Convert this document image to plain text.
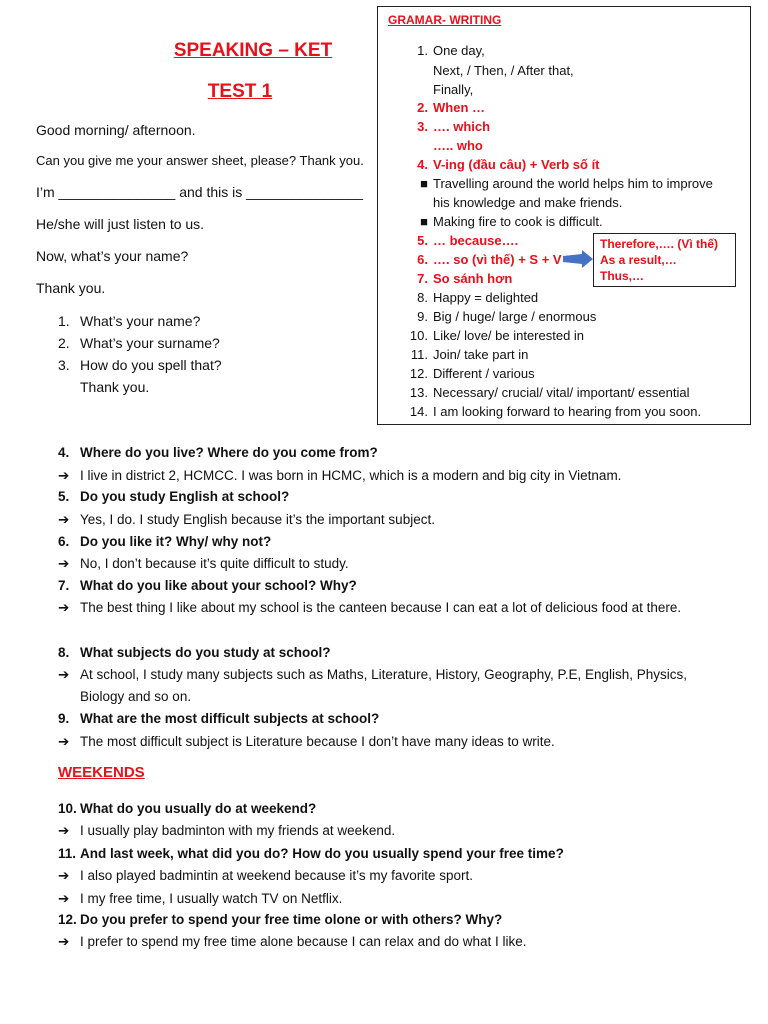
SPEAKING – KET
TEST 1
Good morning/ afternoon.
Can you give me your answer sheet, please? Thank you.
I’m _______________ and this is _______________
He/she will just listen to us.
Now, what’s your name?
Thank you.
1. What’s your name?
2. What’s your surname?
3. How do you spell that?
Thank you.
GRAMAR- WRITING
1. One day,
Next, / Then, / After that,
Finally,
2. When …
3. …. which
….. who
4. V-ing (đầu câu) + Verb số ít
■ Travelling around the world helps him to improve
his knowledge and make friends.
■ Making fire to cook is difficult.
5. … because….
6. …. so (vì thế) + S + V
7. So sánh hơn
8. Happy = delighted
9. Big / huge/ large / enormous
10. Like/ love/ be interested in
11. Join/ take part in
12. Different / various
13. Necessary/ crucial/ vital/ important/ essential
14. I am looking forward to hearing from you soon.
Therefore,…. (Vì thế)
As a result,…
Thus,…
4. Where do you live? Where do you come from?
➔ I live in district 2, HCMCC. I was born in HCMC, which is a modern and big city in Vietnam.
5. Do you study English at school?
➔ Yes, I do. I study English because it’s the important subject.
6. Do you like it? Why/ why not?
➔ No, I don’t because it’s quite difficult to study.
7. What do you like about your school? Why?
➔ The best thing I like about my school is the canteen because I can eat a lot of delicious food at there.
8. What subjects do you study at school?
➔ At school, I study many subjects such as Maths, Literature, History, Geography, P.E, English, Physics, Biology and so on.
9. What are the most difficult subjects at school?
➔ The most difficult subject is Literature because I don’t have many ideas to write.
WEEKENDS
10. What do you usually do at weekend?
➔ I usually play badminton with my friends at weekend.
11. And last week, what did you do? How do you usually spend your free time?
➔ I also played badmintin at weekend because it’s my favorite sport.
➔ I my free time, I usually watch TV on Netflix.
12. Do you prefer to spend your free time olone or with others? Why?
➔ I prefer to spend my free time alone because I can relax and do what I like.
